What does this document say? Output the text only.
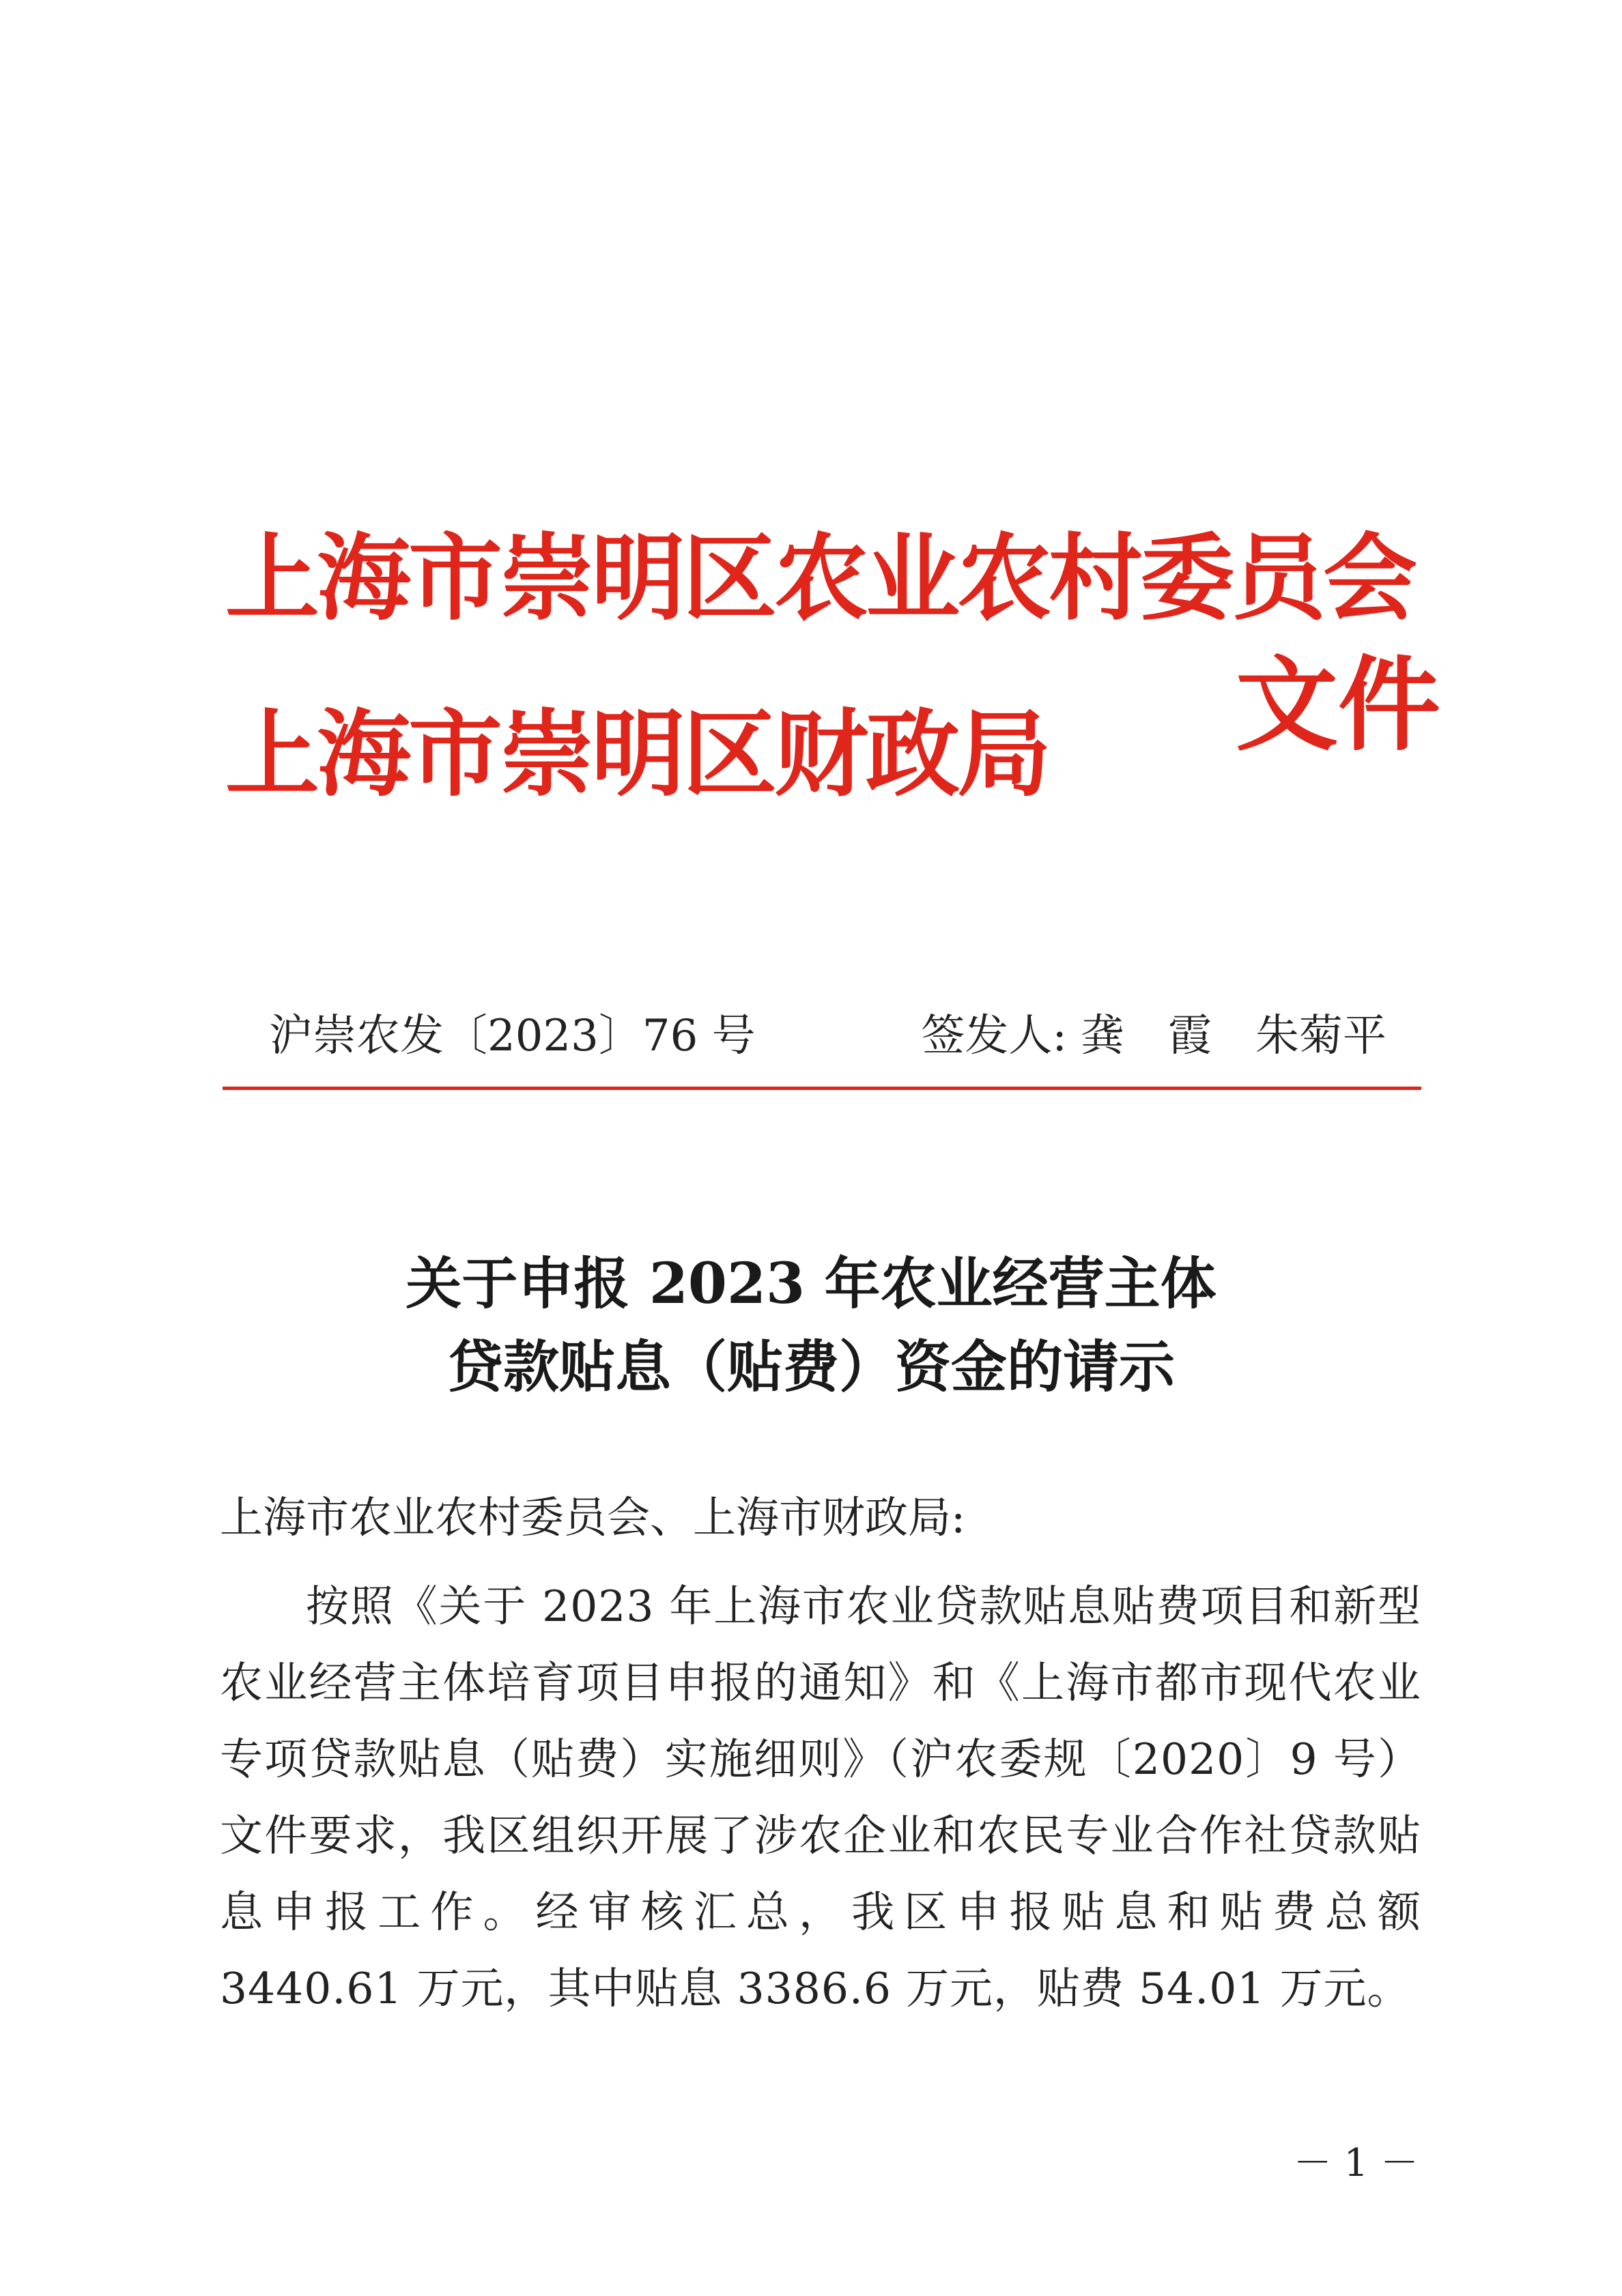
上海市崇明区农业农村委员会
上海市崇明区财政局 文件
沪崇农发〔2023〕76 号	签发人: 龚　霞　朱菊平
关于申报 2023 年农业经营主体
贷款贴息（贴费）资金的请示
上海市农业农村委员会、上海市财政局:
按照《关于 2023 年上海市农业贷款贴息贴费项目和新型农业经营主体培育项目申报的通知》和《上海市都市现代农业专项贷款贴息（贴费）实施细则》（沪农委规〔2020〕9 号）文件要求，我区组织开展了涉农企业和农民专业合作社贷款贴息申报工作。经审核汇总，我区申报贴息和贴费总额 3440.61 万元，其中贴息 3386.6 万元，贴费 54.01 万元。
－ 1 －
